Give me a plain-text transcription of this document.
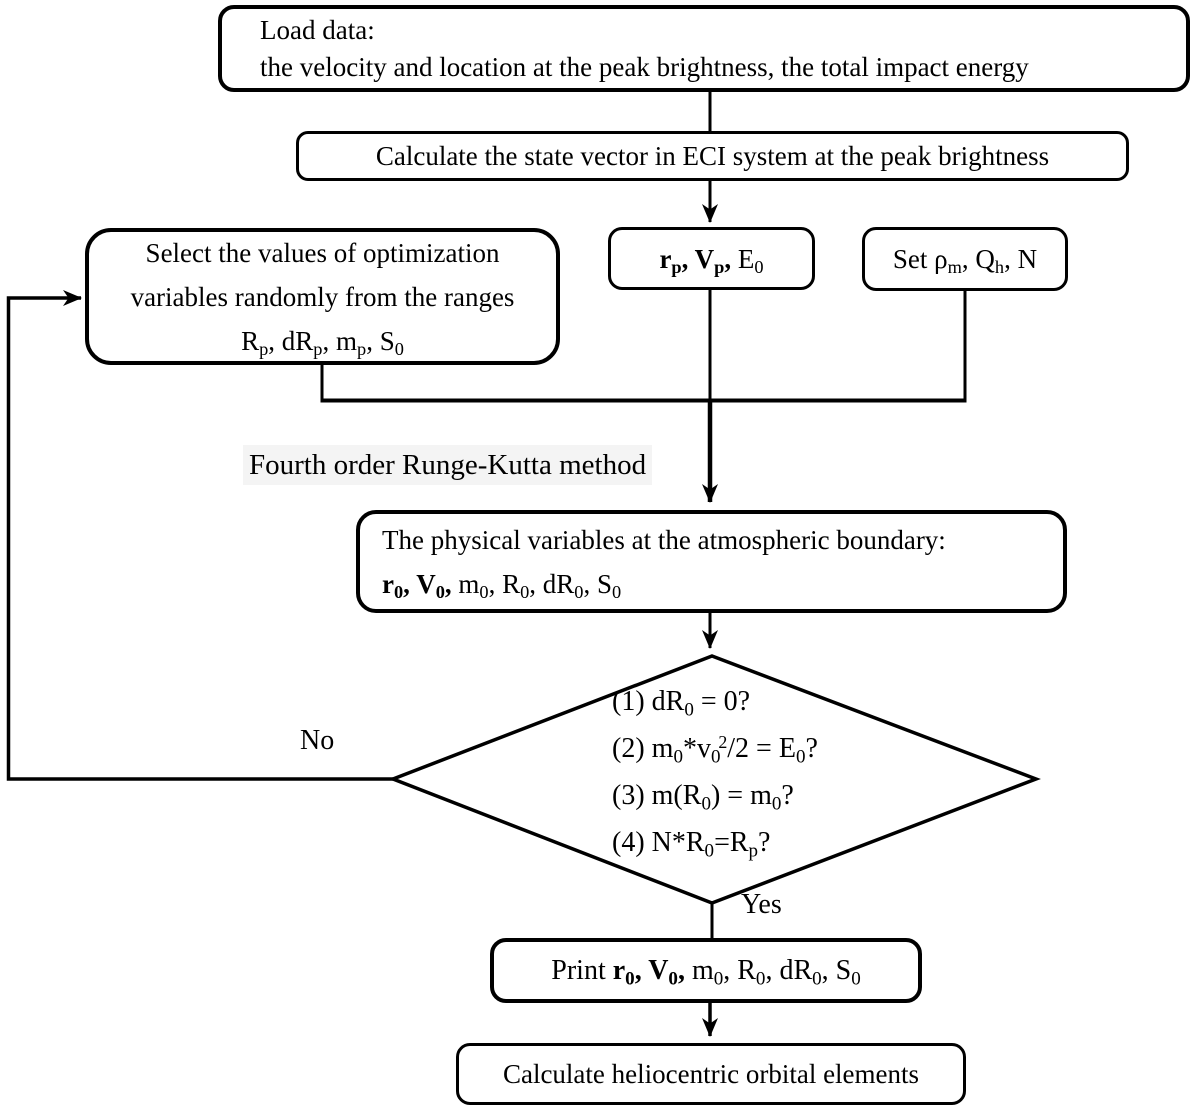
Load data:
the velocity and location at the peak brightness, the total impact energy
Calculate the state vector in ECI system at the peak brightness
Select the values of optimization
variables randomly from the ranges
$R_p$, $dR_p$, $m_p$, $S_0$
$r_p$, $V_p$, $E_0$	Set $\rho_m$, $Q_h$, N
Fourth order Runge-Kutta method
The physical variables at the atmospheric boundary:
$r_0$, $V_0$, $m_0$, $R_0$, $dR_0$, $S_0$
(1) $dR_0 = 0$?
(2) $m_0*v_0^2/2 = E_0$?
(3) $m(R_0) = m_0$?
(4) $N*R_0=R_p$?
No
Yes
Print $r_0$, $V_0$, $m_0$, $R_0$, $dR_0$, $S_0$
Calculate heliocentric orbital elements
